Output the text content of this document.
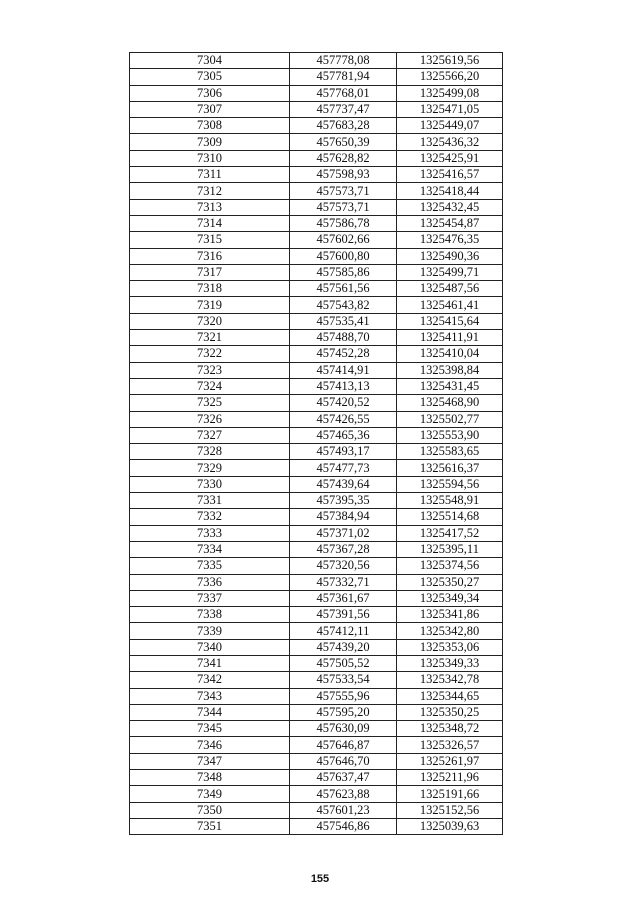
7304	457778,08	1325619,56
7305	457781,94	1325566,20
7306	457768,01	1325499,08
7307	457737,47	1325471,05
7308	457683,28	1325449,07
7309	457650,39	1325436,32
7310	457628,82	1325425,91
7311	457598,93	1325416,57
7312	457573,71	1325418,44
7313	457573,71	1325432,45
7314	457586,78	1325454,87
7315	457602,66	1325476,35
7316	457600,80	1325490,36
7317	457585,86	1325499,71
7318	457561,56	1325487,56
7319	457543,82	1325461,41
7320	457535,41	1325415,64
7321	457488,70	1325411,91
7322	457452,28	1325410,04
7323	457414,91	1325398,84
7324	457413,13	1325431,45
7325	457420,52	1325468,90
7326	457426,55	1325502,77
7327	457465,36	1325553,90
7328	457493,17	1325583,65
7329	457477,73	1325616,37
7330	457439,64	1325594,56
7331	457395,35	1325548,91
7332	457384,94	1325514,68
7333	457371,02	1325417,52
7334	457367,28	1325395,11
7335	457320,56	1325374,56
7336	457332,71	1325350,27
7337	457361,67	1325349,34
7338	457391,56	1325341,86
7339	457412,11	1325342,80
7340	457439,20	1325353,06
7341	457505,52	1325349,33
7342	457533,54	1325342,78
7343	457555,96	1325344,65
7344	457595,20	1325350,25
7345	457630,09	1325348,72
7346	457646,87	1325326,57
7347	457646,70	1325261,97
7348	457637,47	1325211,96
7349	457623,88	1325191,66
7350	457601,23	1325152,56
7351	457546,86	1325039,63
155
